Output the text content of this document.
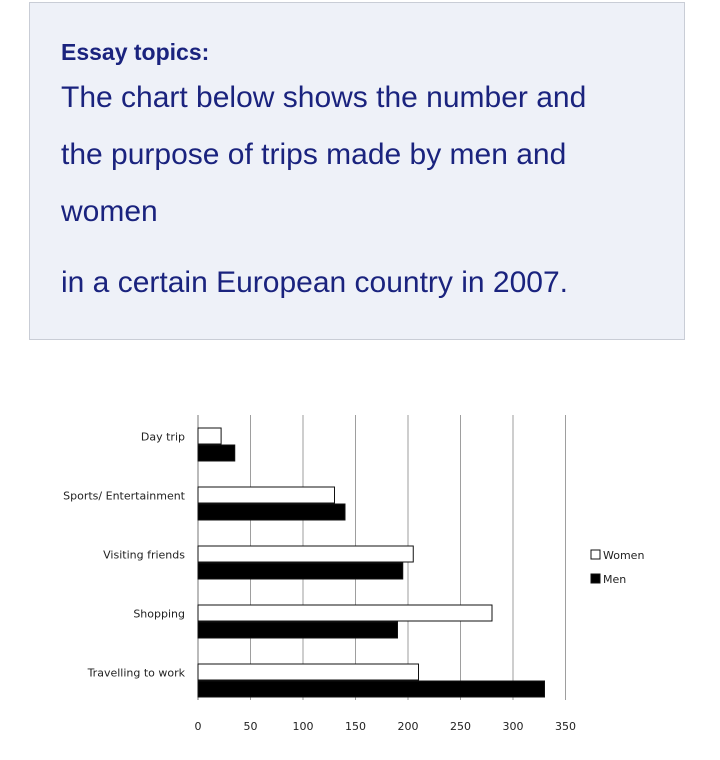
Essay topics:

The chart below shows the number and

the purpose of trips made by men and

women

in a certain European country in 2007.

Day trip
Sports/ Entertainment
Visiting friends
Shopping
Travelling to work
0	50	100	150	200	250	300	350
Women
Men
